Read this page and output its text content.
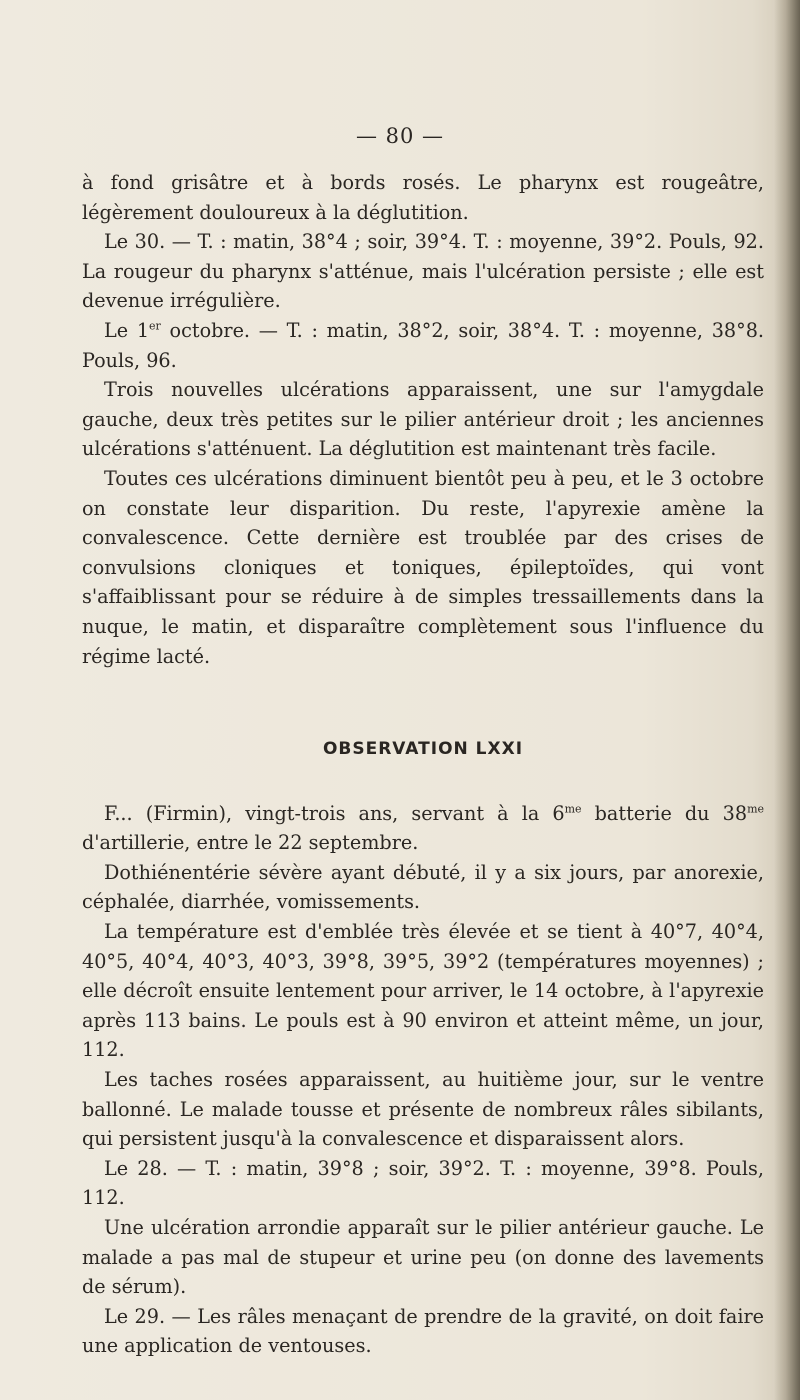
— 80 —

à fond grisâtre et à bords rosés. Le pharynx est rougeâtre, légèrement douloureux à la déglutition.

Le 30. — T. : matin, 38°4 ; soir, 39°4. T. : moyenne, 39°2. Pouls, 92. La rougeur du pharynx s'atténue, mais l'ulcération persiste ; elle est devenue irrégulière.

Le 1er octobre. — T. : matin, 38°2, soir, 38°4. T. : moyenne, 38°8. Pouls, 96.

Trois nouvelles ulcérations apparaissent, une sur l'amygdale gauche, deux très petites sur le pilier antérieur droit ; les anciennes ulcérations s'atténuent. La déglutition est maintenant très facile.

Toutes ces ulcérations diminuent bientôt peu à peu, et le 3 octobre on constate leur disparition. Du reste, l'apyrexie amène la convalescence. Cette dernière est troublée par des crises de convulsions cloniques et toniques, épileptoïdes, qui vont s'affaiblissant pour se réduire à de simples tressaillements dans la nuque, le matin, et disparaître complètement sous l'influence du régime lacté.

OBSERVATION LXXI

F... (Firmin), vingt-trois ans, servant à la $6^{me}$ batterie du $38^{me}$ d'artillerie, entre le 22 septembre.

Dothiénentérie sévère ayant débuté, il y a six jours, par anorexie, céphalée, diarrhée, vomissements.

La température est d'emblée très élevée et se tient à 40°7, 40°4, 40°5, 40°4, 40°3, 40°3, 39°8, 39°5, 39°2 (températures moyennes) ; elle décroît ensuite lentement pour arriver, le 14 octobre, à l'apyrexie après 113 bains. Le pouls est à 90 environ et atteint même, un jour, 112.

Les taches rosées apparaissent, au huitième jour, sur le ventre ballonné. Le malade tousse et présente de nombreux râles sibilants, qui persistent jusqu'à la convalescence et disparaissent alors.

Le 28. — T. : matin, 39°8 ; soir, 39°2. T. : moyenne, 39°8. Pouls, 112.

Une ulcération arrondie apparaît sur le pilier antérieur gauche. Le malade a pas mal de stupeur et urine peu (on donne des lavements de sérum).

Le 29. — Les râles menaçant de prendre de la gravité, on doit faire une application de ventouses.
